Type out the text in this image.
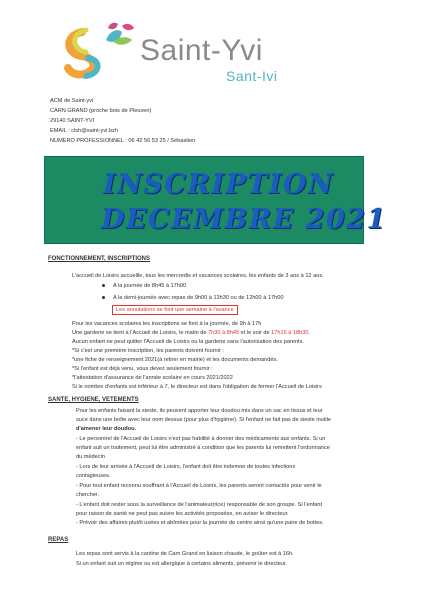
Saint-Yvi
Sant-Ivi
ACM de Saint-yvi
CARN GRAND (proche bois de Pleuven)
29140 SAINT-YVI
EMAIL : clsh@saint-yvi.bzh
NUMERO PROFESSIONNEL : 06 42 56 53 25 / Sébastien
INSCRIPTION
DECEMBRE 2021
FONCTIONNEMENT, INSCRIPTIONS
L'accueil de Loisirs accueille, tous les mercredis et vacances scolaires, les enfants de 3 ans à 12 ans.
A la journée de 8h45 à 17h00
A la demi-journée avec repas de 9h00 à 13h30 ou de 12h00 à 17h00
Les annulations se font une semaine à l'avance
Pour les vacances scolaires les inscriptions se font à la journée, de 9h à 17h
Une garderie se tient à l'Accueil de Loisirs, le matin de 7h30 à 8h45 et le soir de 17h15 à 18h30.
Aucun enfant ne peut quitter l'Accueil de Loisirs ou la garderie sans l'autorisation des parents.
*Si c'est une première inscription, les parents doivent fournir :
*une fiche de renseignement 2021(à retirer en mairie) et les documents demandés.
*Si l'enfant est déjà venu, vous devez seulement fournir :
*l'attestation d'assurance de l'année scolaire en cours 2021/2022
Si le nombre d'enfants est inférieur à 7, le directeur est dans l'obligation de fermer l'Accueil de Loisirs
SANTE, HYGIENE, VETEMENTS
Pour les enfants faisant la sieste, ils peuvent apporter leur doudou mis dans un sac en tissus et leur
suce dans une boîte avec leur nom dessus (pour plus d'hygiène). Si l'enfant ne fait pas de sieste inutile
d'amener leur doudou.
- Le personnel de l'Accueil de Loisirs n'est pas habilité à donner des médicaments aux enfants. Si un
enfant suit un traitement, peut lui être administré à condition que les parents lui remettent l'ordonnance
du médecin
- Lors de leur arrivée à l'Accueil de Loisirs, l'enfant doit être indemne de toutes infections
contagieuses.
- Pour tout enfant reconnu souffrant à l'Accueil de Loisirs, les parents seront contactés pour venir le
chercher.
- L'enfant doit rester sous la surveillance de l'animateur(rice) responsable de son groupe. Si l'enfant
pour raison de santé ne peut pas suivre les activités proposées, en aviser le directeur.
- Prévoir des affaires plutôt usées et abîmées pour la journée de centre ainsi qu'une paire de bottes.
REPAS
Les repas sont servis à la cantine de Carn Grand en liaison chaude, le goûter est à 16h.
Si un enfant suit un régime ou est allergique à certains aliments, prévenir le directeur.
